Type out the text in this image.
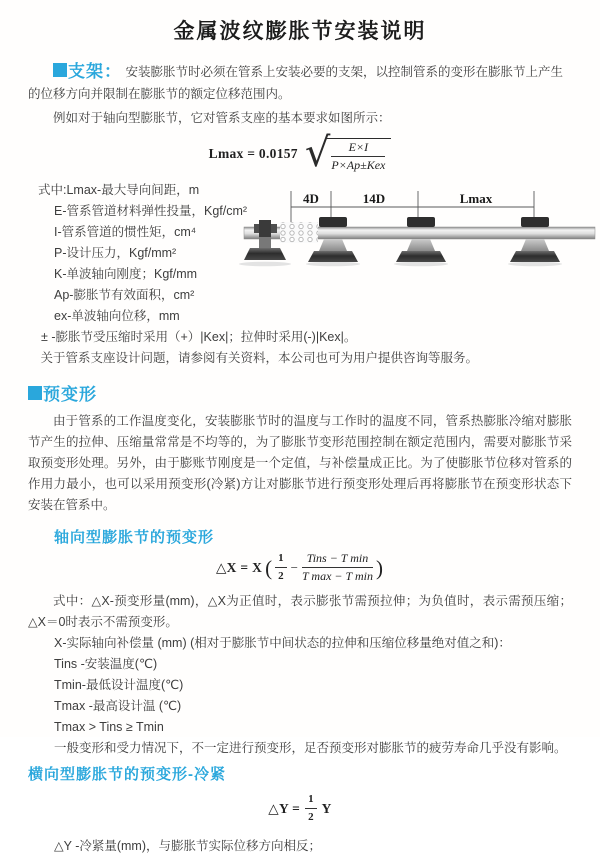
金属波纹膨胀节安装说明

支架： 安装膨胀节时必须在管系上安装必要的支架，以控制管系的变形在膨胀节上产生的位移方向并限制在膨胀节的额定位移范围内。

例如对于轴向型膨胀节，它对管系支座的基本要求如图所示：

Lmax = 0.0157 √ $\frac{E\times I}{\text{P×Ap±Kex}}$
式中:Lmax-最大导向间距，m
E-管系管道材料弹性投量，Kgf/cm²
I-管系管道的惯性矩，cm⁴
P-设计压力，Kgf/mm²
K-单波轴向刚度；Kgf/mm
Ap-膨胀节有效面积，cm²
ex-单波轴向位移，mm
± -膨胀节受压缩时采用（+）|Kex|；拉伸时采用(-)|Kex|。

关于管系支座设计问题，请参阅有关资料，本公司也可为用户提供咨询等服务。

预变形

由于管系的工作温度变化，安装膨胀节时的温度与工作时的温度不同，管系热膨胀冷缩对膨胀节产生的拉伸、压缩量常常是不均等的，为了膨胀节变形范围控制在额定范围内，需要对膨胀节采取预变形处理。另外，由于膨账节刚度是一个定值，与补偿量成正比。为了使膨胀节位移对管系的作用力最小，也可以采用预变形(冷紧)方让对膨胀节进行预变形处理后再将膨胀节在预变形状态下安装在管系中。

轴向型膨胀节的预变形
△X = X ( $\frac{1}{2} - \frac{\text{Tins − T min}}{\text{T max − T min}}$ )

式中：△X-预变形量(mm)，△X为正值时，表示膨张节需预拉伸；为负值时，表示需预压缩；△X＝0时表示不需预变形。

X-实际轴向补偿量 (mm) (相对于膨胀节中间状态的拉伸和压缩位移量绝对值之和)：
Tins -安装温度(℃)
Tmin-最低设计温度(℃)
Tmax -最高设计温 (℃)
Tmax > Tins ≥ Tmin
一般变形和受力情况下，不一定进行预变形，足否预变形对膨胀节的疲劳寿命几乎没有影响。
横向型膨胀节的预变形-冷紧
△Y = $\frac{1}{2}$ Y
△Y -冷紧量(mm)，与膨胀节实际位移方向相反；
4D	14D	Lmax
